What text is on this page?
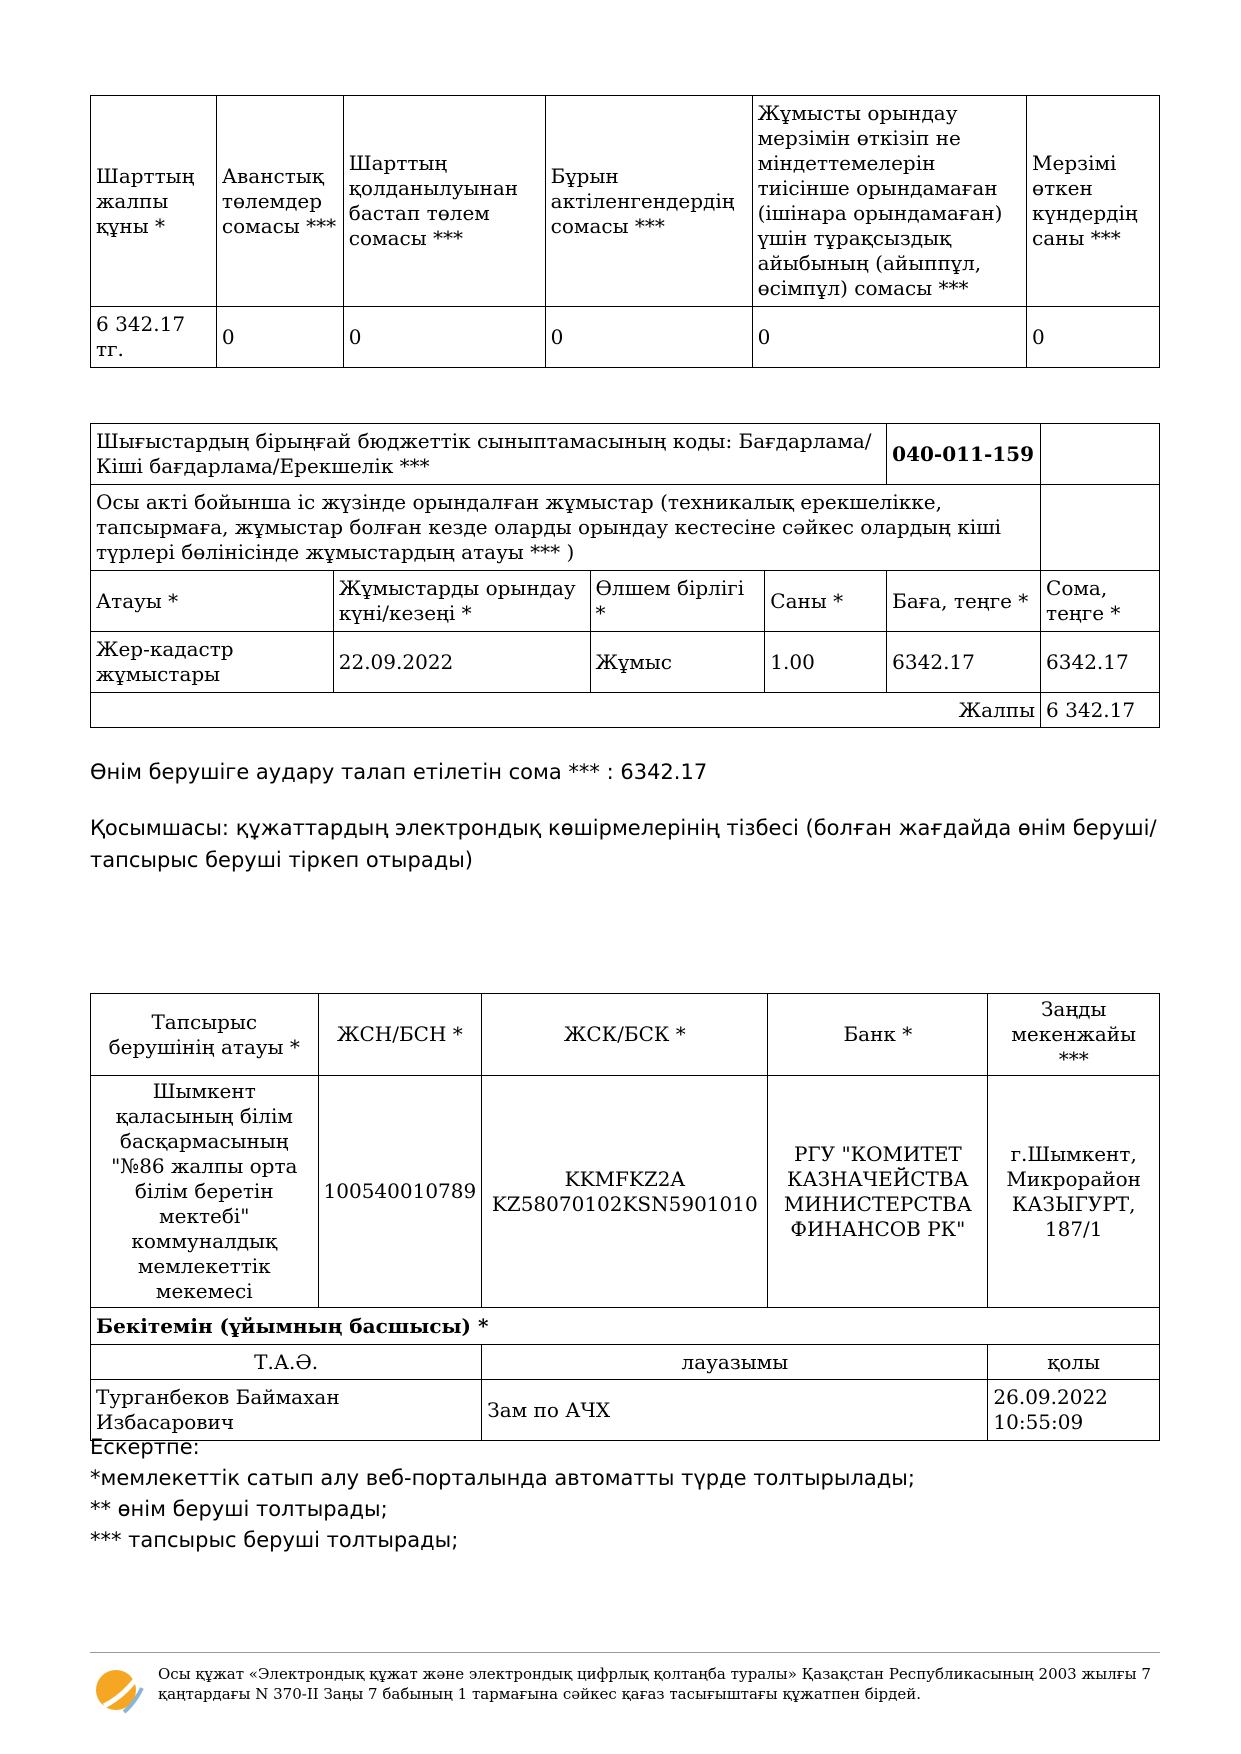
Шарттың жалпы құны *	Аванстық төлемдер сомасы ***	Шарттың қолданылуынан бастап төлем сомасы ***	Бұрын актіленгендердің сомасы ***	Жұмысты орындау мерзімін өткізіп не міндеттемелерін тиісінше орындамаған (ішінара орындамаған) үшін тұрақсыздық айыбының (айыппұл, өсімпұл) сомасы ***	Мерзімі өткен күндердің саны ***
6 342.17 тг.	0	0	0	0	0
Шығыстардың бірыңғай бюджеттік сыныптамасының коды: Бағдарлама/Кіші бағдарлама/Ерекшелік ***				040-011-159	
Осы акті бойынша іс жүзінде орындалған жұмыстар (техникалық ерекшелікке, тапсырмаға, жұмыстар болған кезде оларды орындау кестесіне сәйкес олардың кіші түрлері бөлінісінде жұмыстардың атауы *** )					
Атауы *	Жұмыстарды орындау күні/кезеңі *	Өлшем бірлігі *	Саны *	Баға, теңге *	Сома, теңге *
Жер-кадастр жұмыстары	22.09.2022	Жұмыс	1.00	6342.17	6342.17
Жалпы					6 342.17
Өнім берушіге аудару талап етілетін сома *** : 6342.17
Қосымшасы: құжаттардың электрондық көшірмелерінің тізбесі (болған жағдайда өнім беруші/тапсырыс беруші тіркеп отырады)
Тапсырыс берушінің атауы *	ЖСН/БСН *	ЖСК/БСК *	Банк *	Заңды мекенжайы ***
Шымкент қаласының білім басқармасының "№86 жалпы орта білім беретін мектебі" коммуналдық мемлекеттік мекемесі	100540010789	KKMFKZ2A KZ58070102KSN5901010	РГУ "КОМИТЕТ КАЗНАЧЕЙСТВА МИНИСТЕРСТВА ФИНАНСОВ РК"	г.Шымкент, Микрорайон КАЗЫГУРТ, 187/1
Бекітемін (ұйымның басшысы) *				
Т.А.Ә.		лауазымы		қолы
Турганбеков Баймахан Избасарович		Зам по АЧХ		26.09.2022 10:55:09
Ескертпе:
*мемлекеттік сатып алу веб-порталында автоматты түрде толтырылады;
** өнім беруші толтырады;
*** тапсырыс беруші толтырады;
Осы құжат «Электрондық құжат және электрондық цифрлық қолтаңба туралы» Қазақстан Республикасының 2003 жылғы 7 қаңтардағы N 370-II Заңы 7 бабының 1 тармағына сәйкес қағаз тасығыштағы құжатпен бірдей.
